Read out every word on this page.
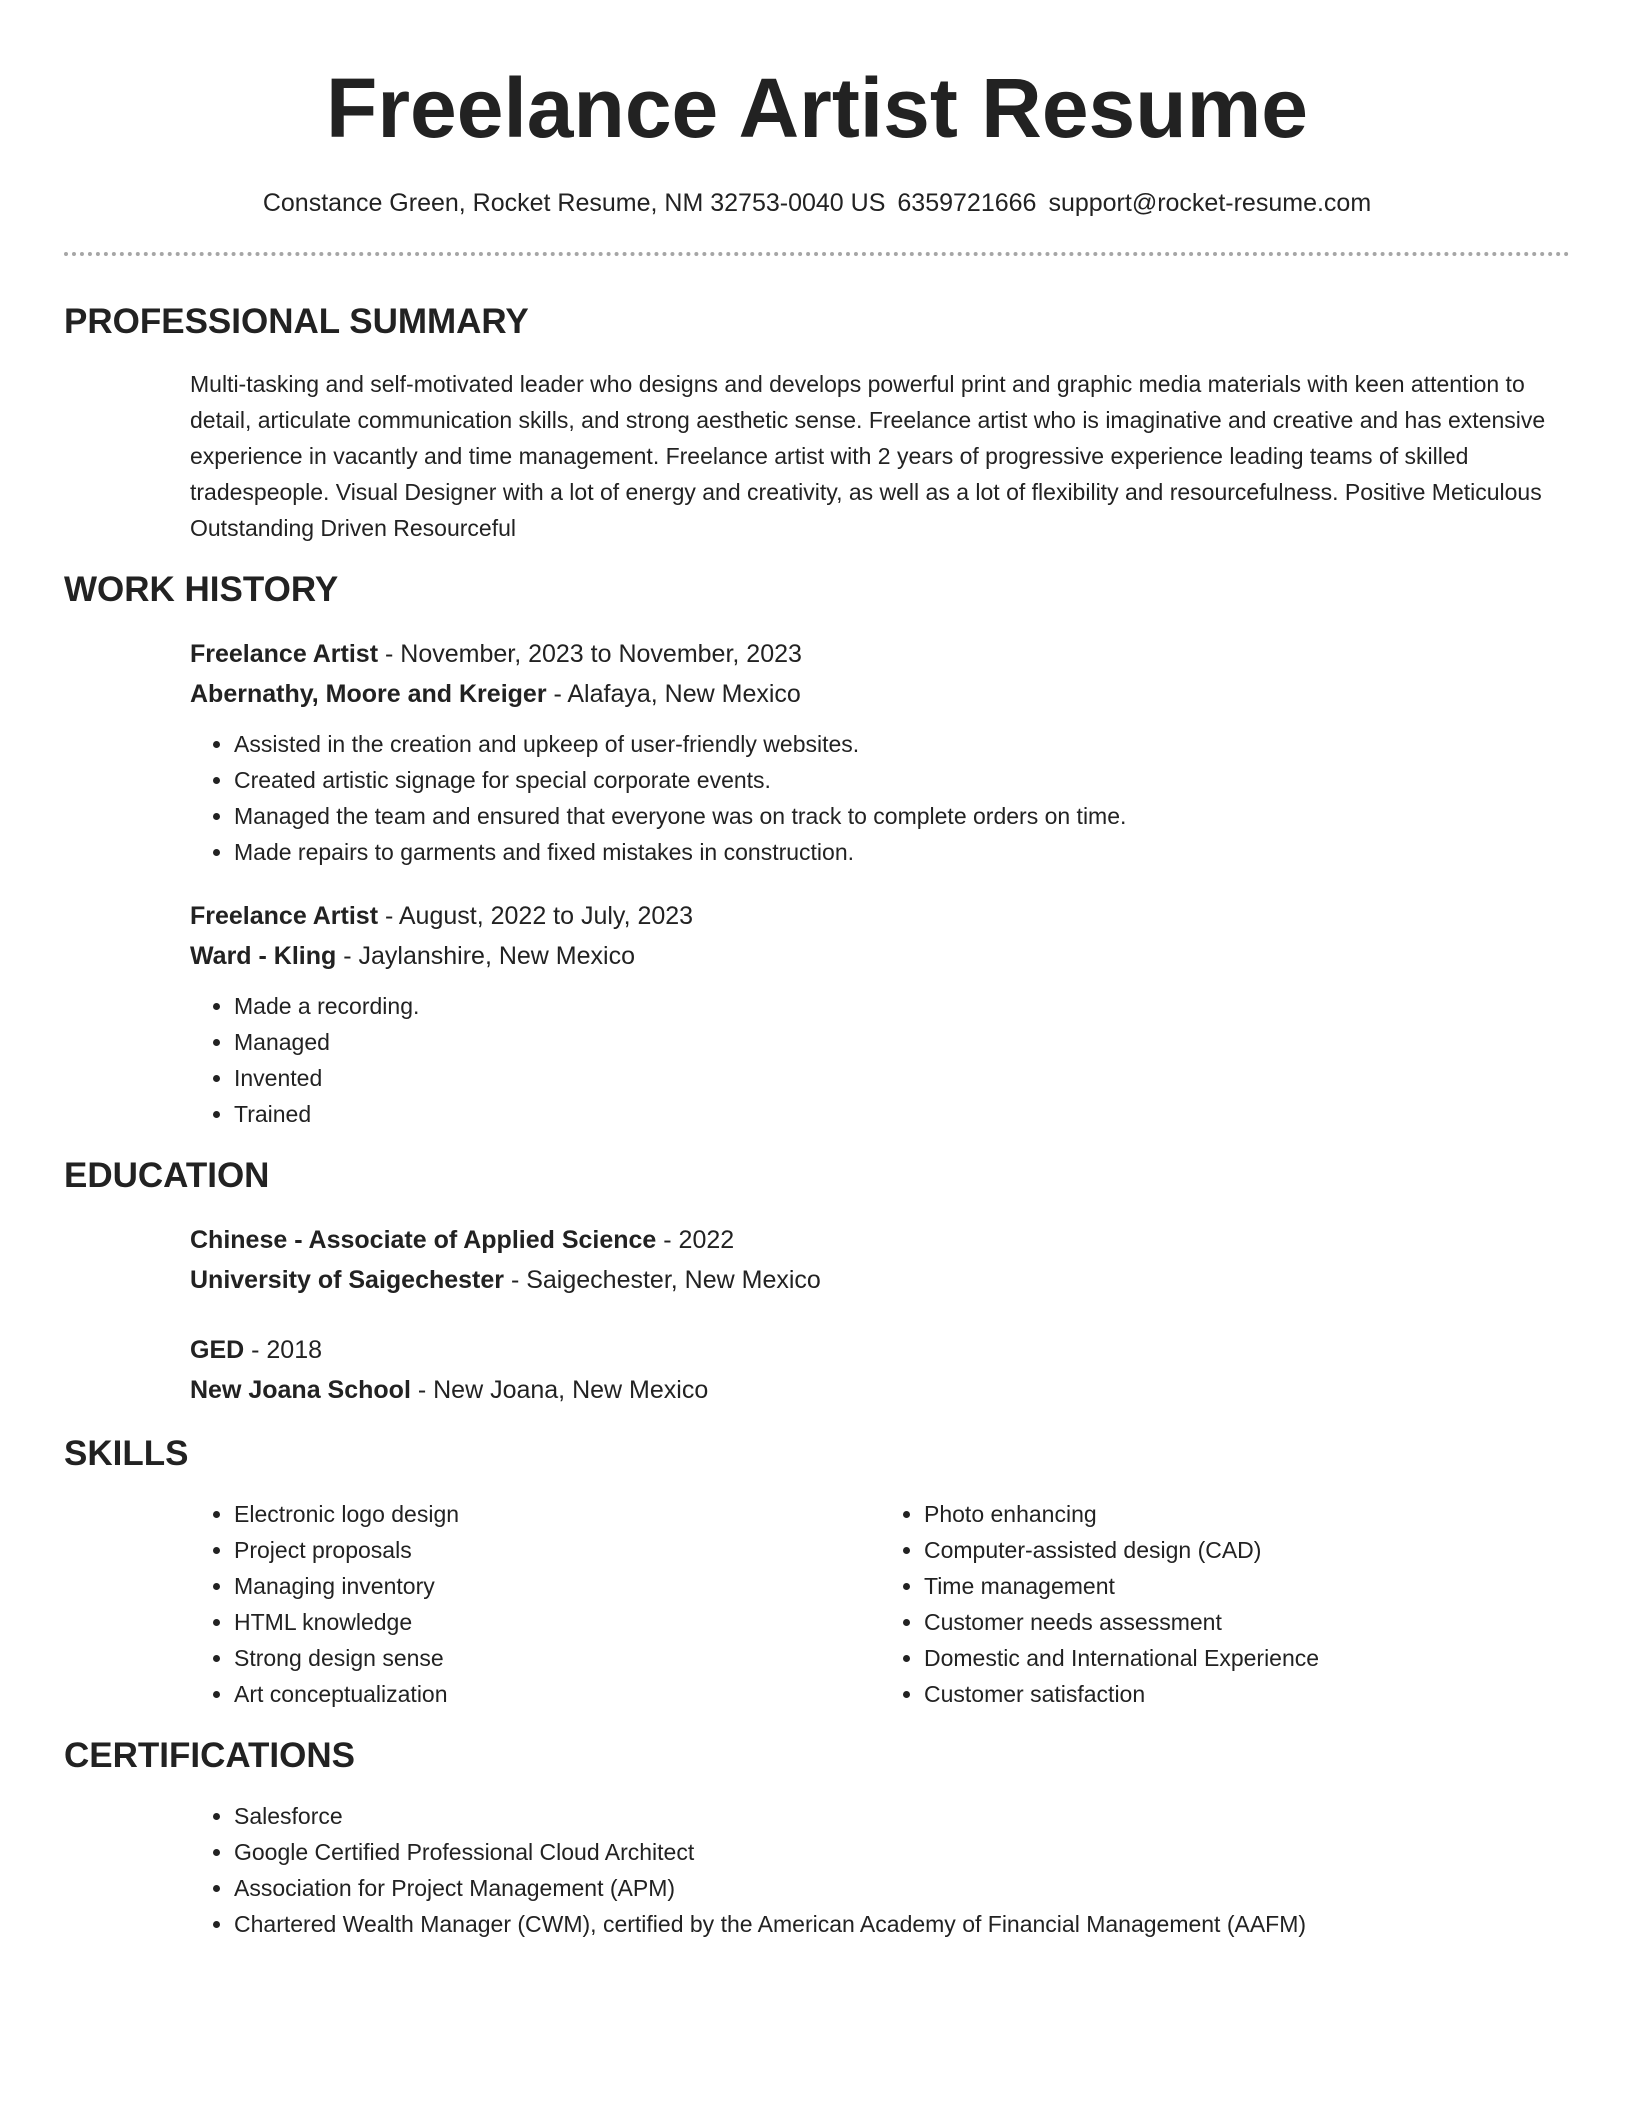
Freelance Artist Resume
Constance Green, Rocket Resume, NM 32753-0040 US 6359721666 support@rocket-resume.com
PROFESSIONAL SUMMARY
Multi-tasking and self-motivated leader who designs and develops powerful print and graphic media materials with keen attention to detail, articulate communication skills, and strong aesthetic sense. Freelance artist who is imaginative and creative and has extensive experience in vacantly and time management. Freelance artist with 2 years of progressive experience leading teams of skilled tradespeople. Visual Designer with a lot of energy and creativity, as well as a lot of flexibility and resourcefulness. Positive Meticulous Outstanding Driven Resourceful
WORK HISTORY
Freelance Artist - November, 2023 to November, 2023
Abernathy, Moore and Kreiger - Alafaya, New Mexico
• Assisted in the creation and upkeep of user-friendly websites.
• Created artistic signage for special corporate events.
• Managed the team and ensured that everyone was on track to complete orders on time.
• Made repairs to garments and fixed mistakes in construction.
Freelance Artist - August, 2022 to July, 2023
Ward - Kling - Jaylanshire, New Mexico
• Made a recording.
• Managed
• Invented
• Trained
EDUCATION
Chinese - Associate of Applied Science - 2022
University of Saigechester - Saigechester, New Mexico
GED - 2018
New Joana School - New Joana, New Mexico
SKILLS
• Electronic logo design
• Project proposals
• Managing inventory
• HTML knowledge
• Strong design sense
• Art conceptualization
• Photo enhancing
• Computer-assisted design (CAD)
• Time management
• Customer needs assessment
• Domestic and International Experience
• Customer satisfaction
CERTIFICATIONS
• Salesforce
• Google Certified Professional Cloud Architect
• Association for Project Management (APM)
• Chartered Wealth Manager (CWM), certified by the American Academy of Financial Management (AAFM)
